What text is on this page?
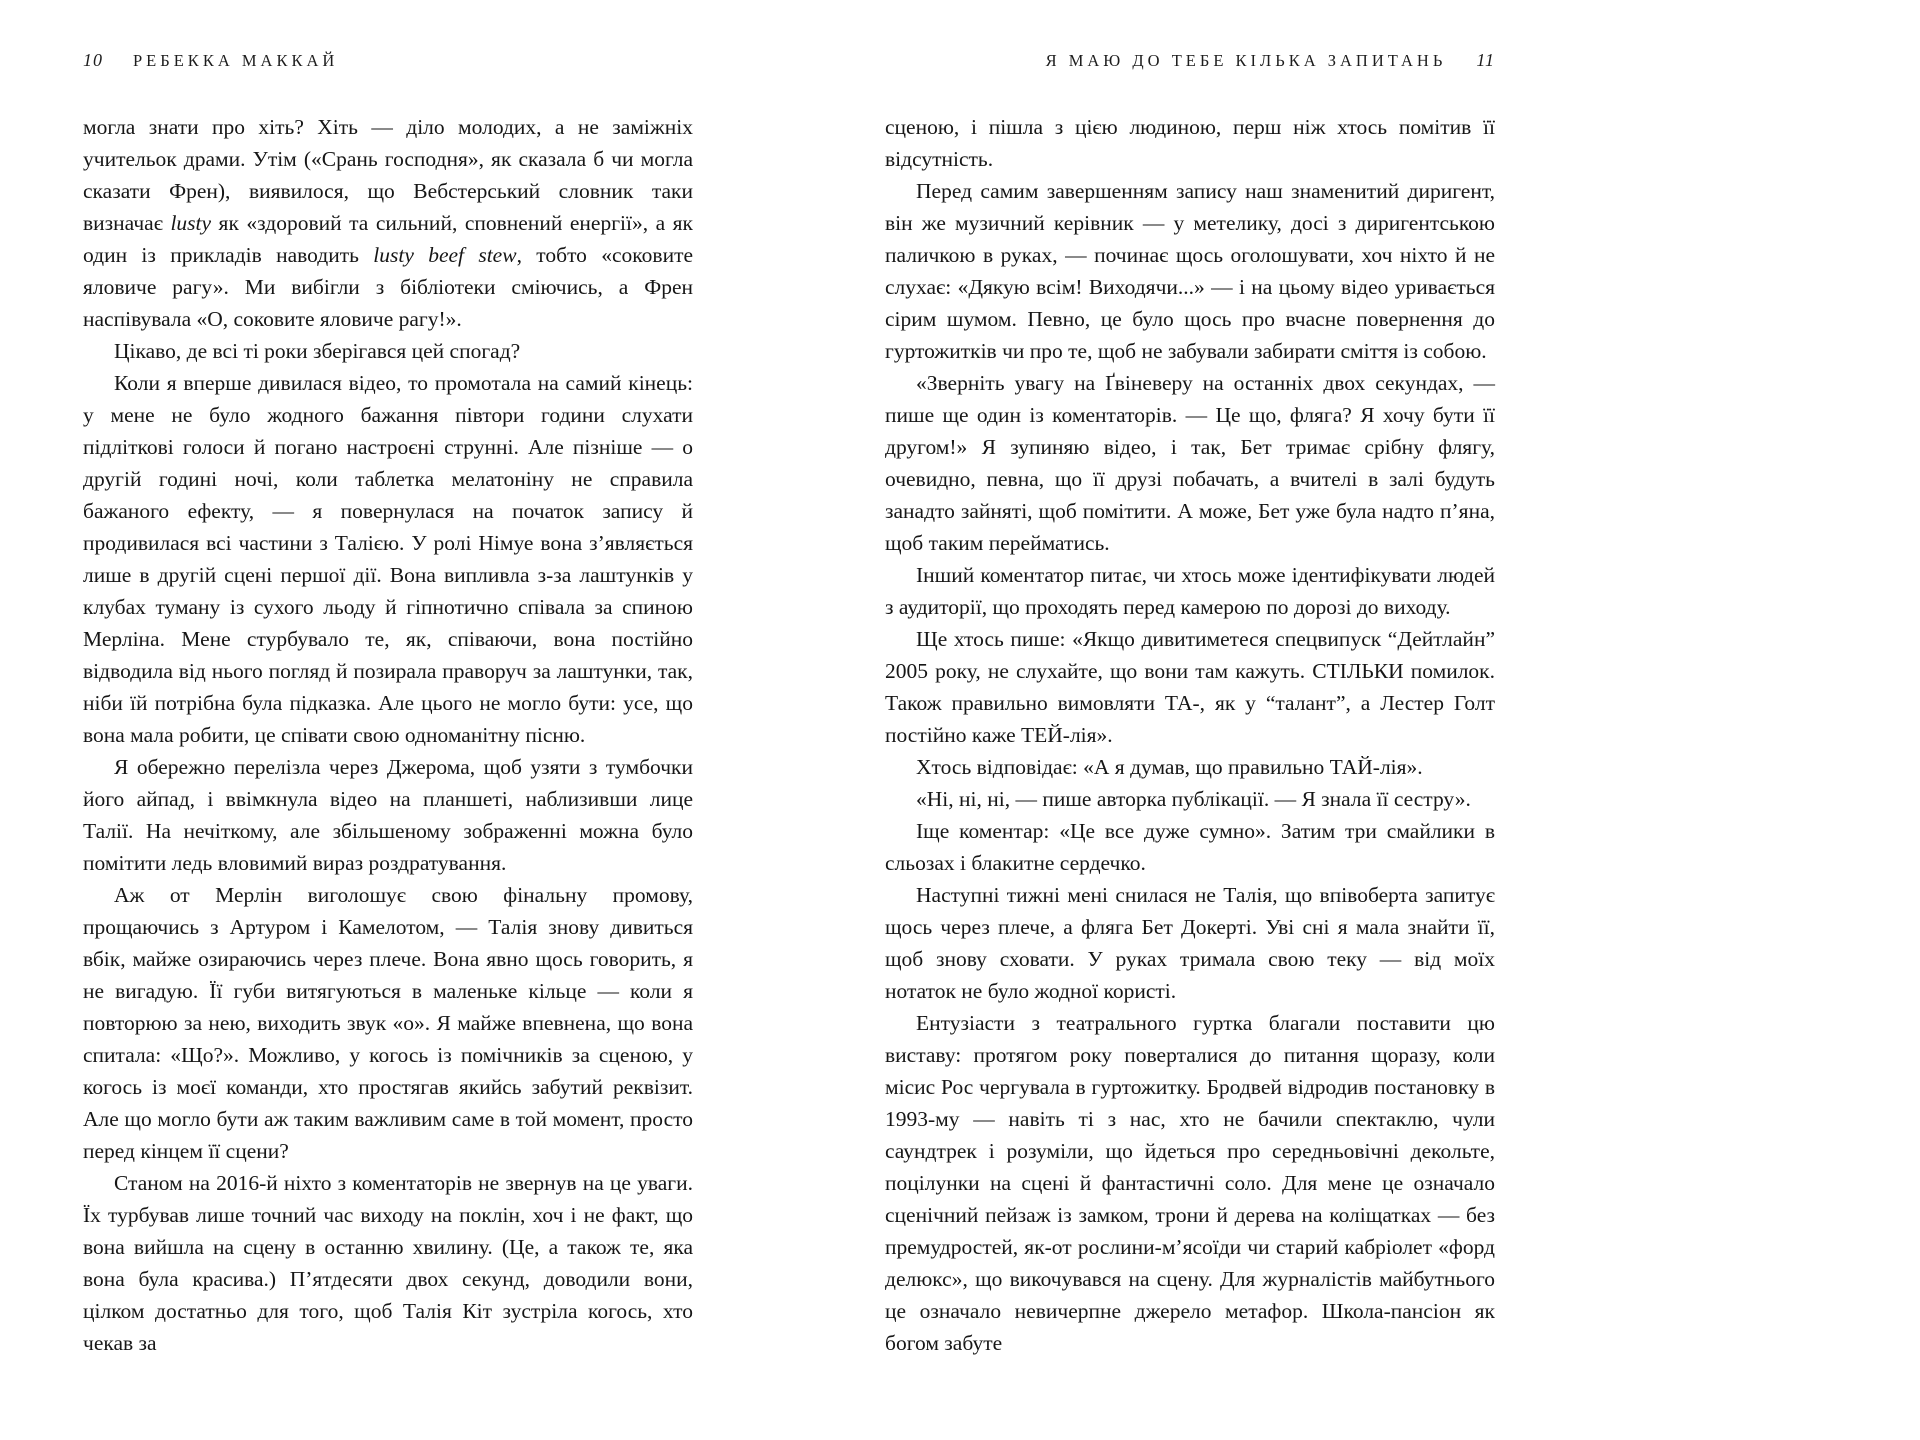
10 РЕБЕККА МАККАЙ

могла знати про хіть? Хіть — діло молодих, а не заміжніх учительок драми. Утім («Срань господня», як сказала б чи могла сказати Френ), виявилося, що Вебстерський словник таки визначає lusty як «здоровий та сильний, сповнений енергії», а як один із прикладів наводить lusty beef stew, тобто «соковите яловиче рагу». Ми вибігли з бібліотеки сміючись, а Френ наспівувала «О, соковите яловиче рагу!».

Цікаво, де всі ті роки зберігався цей спогад?

Коли я вперше дивилася відео, то промотала на самий кінець: у мене не було жодного бажання півтори години слухати підліткові голоси й погано настроєні струнні. Але пізніше — о другій годині ночі, коли таблетка мелатоніну не справила бажаного ефекту, — я повернулася на початок запису й продивилася всі частини з Талією. У ролі Німуе вона з’являється лише в другій сцені першої дії. Вона випливла з-за лаштунків у клубах туману із сухого льоду й гіпнотично співала за спиною Мерліна. Мене стурбувало те, як, співаючи, вона постійно відводила від нього погляд й позирала праворуч за лаштунки, так, ніби їй потрібна була підказка. Але цього не могло бути: усе, що вона мала робити, це співати свою одноманітну пісню.

Я обережно перелізла через Джерома, щоб узяти з тумбочки його айпад, і ввімкнула відео на планшеті, наблизивши лице Талії. На нечіткому, але збільшеному зображенні можна було помітити ледь вловимий вираз роздратування.

Аж от Мерлін виголошує свою фінальну промову, прощаючись з Артуром і Камелотом, — Талія знову дивиться вбік, майже озираючись через плече. Вона явно щось говорить, я не вигадую. Її губи витягуються в маленьке кільце — коли я повторюю за нею, виходить звук «о». Я майже впевнена, що вона спитала: «Що?». Можливо, у когось із помічників за сценою, у когось із моєї команди, хто простягав якийсь забутий реквізит. Але що могло бути аж таким важливим саме в той момент, просто перед кінцем її сцени?

Станом на 2016-й ніхто з коментаторів не звернув на це уваги. Їх турбував лише точний час виходу на поклін, хоч і не факт, що вона вийшла на сцену в останню хвилину. (Це, а також те, яка вона була красива.) П’ятдесяти двох секунд, доводили вони, цілком достатньо для того, щоб Талія Кіт зустріла когось, хто чекав за

Я МАЮ ДО ТЕБЕ КІЛЬКА ЗАПИТАНЬ 11

сценою, і пішла з цією людиною, перш ніж хтось помітив її відсутність.

Перед самим завершенням запису наш знаменитий диригент, він же музичний керівник — у метелику, досі з диригентською паличкою в руках, — починає щось оголошувати, хоч ніхто й не слухає: «Дякую всім! Виходячи...» — і на цьому відео уривається сірим шумом. Певно, це було щось про вчасне повернення до гуртожитків чи про те, щоб не забували забирати сміття із собою.

«Зверніть увагу на Ґвіневеру на останніх двох секундах, — пише ще один із коментаторів. — Це що, фляга? Я хочу бути її другом!» Я зупиняю відео, і так, Бет тримає срібну флягу, очевидно, певна, що її друзі побачать, а вчителі в залі будуть занадто зайняті, щоб помітити. А може, Бет уже була надто п’яна, щоб таким перейматись.

Інший коментатор питає, чи хтось може ідентифікувати людей з аудиторії, що проходять перед камерою по дорозі до виходу.

Ще хтось пише: «Якщо дивитиметеся спецвипуск “Дейтлайн” 2005 року, не слухайте, що вони там кажуть. СТІЛЬКИ помилок. Також правильно вимовляти ТА-, як у “талант”, а Лестер Голт постійно каже ТЕЙ-лія».

Хтось відповідає: «А я думав, що правильно ТАЙ-лія».

«Ні, ні, ні, — пише авторка публікації. — Я знала її сестру».

Іще коментар: «Це все дуже сумно». Затим три смайлики в сльозах і блакитне сердечко.

Наступні тижні мені снилася не Талія, що впівоберта запитує щось через плече, а фляга Бет Докерті. Уві сні я мала знайти її, щоб знову сховати. У руках тримала свою теку — від моїх нотаток не було жодної користі.

Ентузіасти з театрального гуртка благали поставити цю виставу: протягом року поверталися до питання щоразу, коли місис Рос чергувала в гуртожитку. Бродвей відродив постановку в 1993-му — навіть ті з нас, хто не бачили спектаклю, чули саундтрек і розуміли, що йдеться про середньовічні декольте, поцілунки на сцені й фантастичні соло. Для мене це означало сценічний пейзаж із замком, трони й дерева на коліщатках — без премудростей, як-от рослини-м’ясоїди чи старий кабріолет «форд делюкс», що викочувався на сцену. Для журналістів майбутнього це означало невичерпне джерело метафор. Школа-пансіон як богом забуте
